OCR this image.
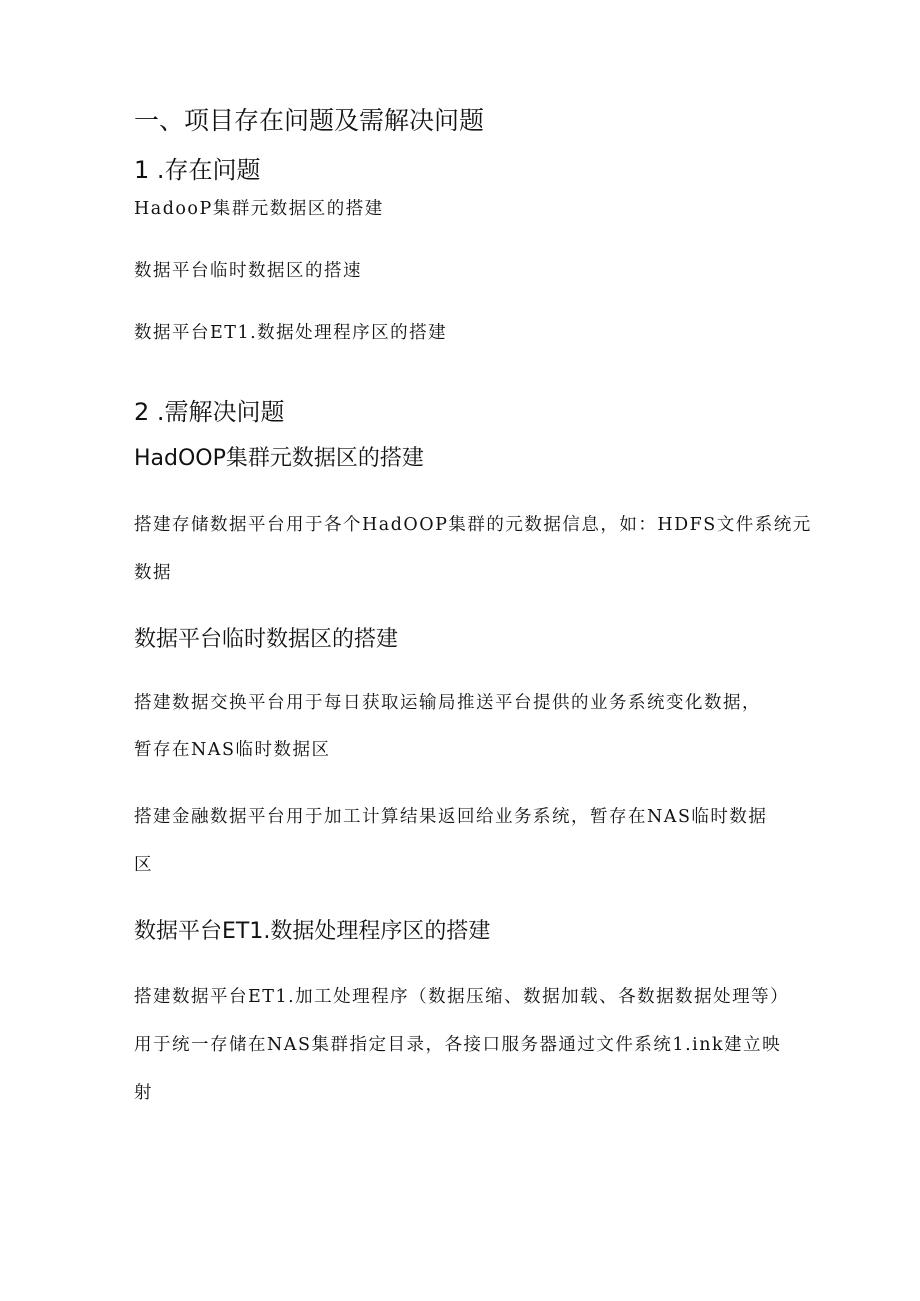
一、项目存在问题及需解决问题
1 .存在问题

HadooP集群元数据区的搭建

数据平台临时数据区的搭速

数据平台ET1.数据处理程序区的搭建

2 .需解决问题
HadOOP集群元数据区的搭建

搭建存储数据平台用于各个HadOOP集群的元数据信息，如：HDFS文件系统元

数据

数据平台临时数据区的搭建

搭建数据交换平台用于每日获取运输局推送平台提供的业务系统变化数据，

暂存在NAS临时数据区

搭建金融数据平台用于加工计算结果返回给业务系统，暂存在NAS临时数据

区

数据平台ET1.数据处理程序区的搭建

搭建数据平台ET1.加工处理程序（数据压缩、数据加载、各数据数据处理等）

用于统一存储在NAS集群指定目录，各接口服务器通过文件系统1.ink建立映

射
